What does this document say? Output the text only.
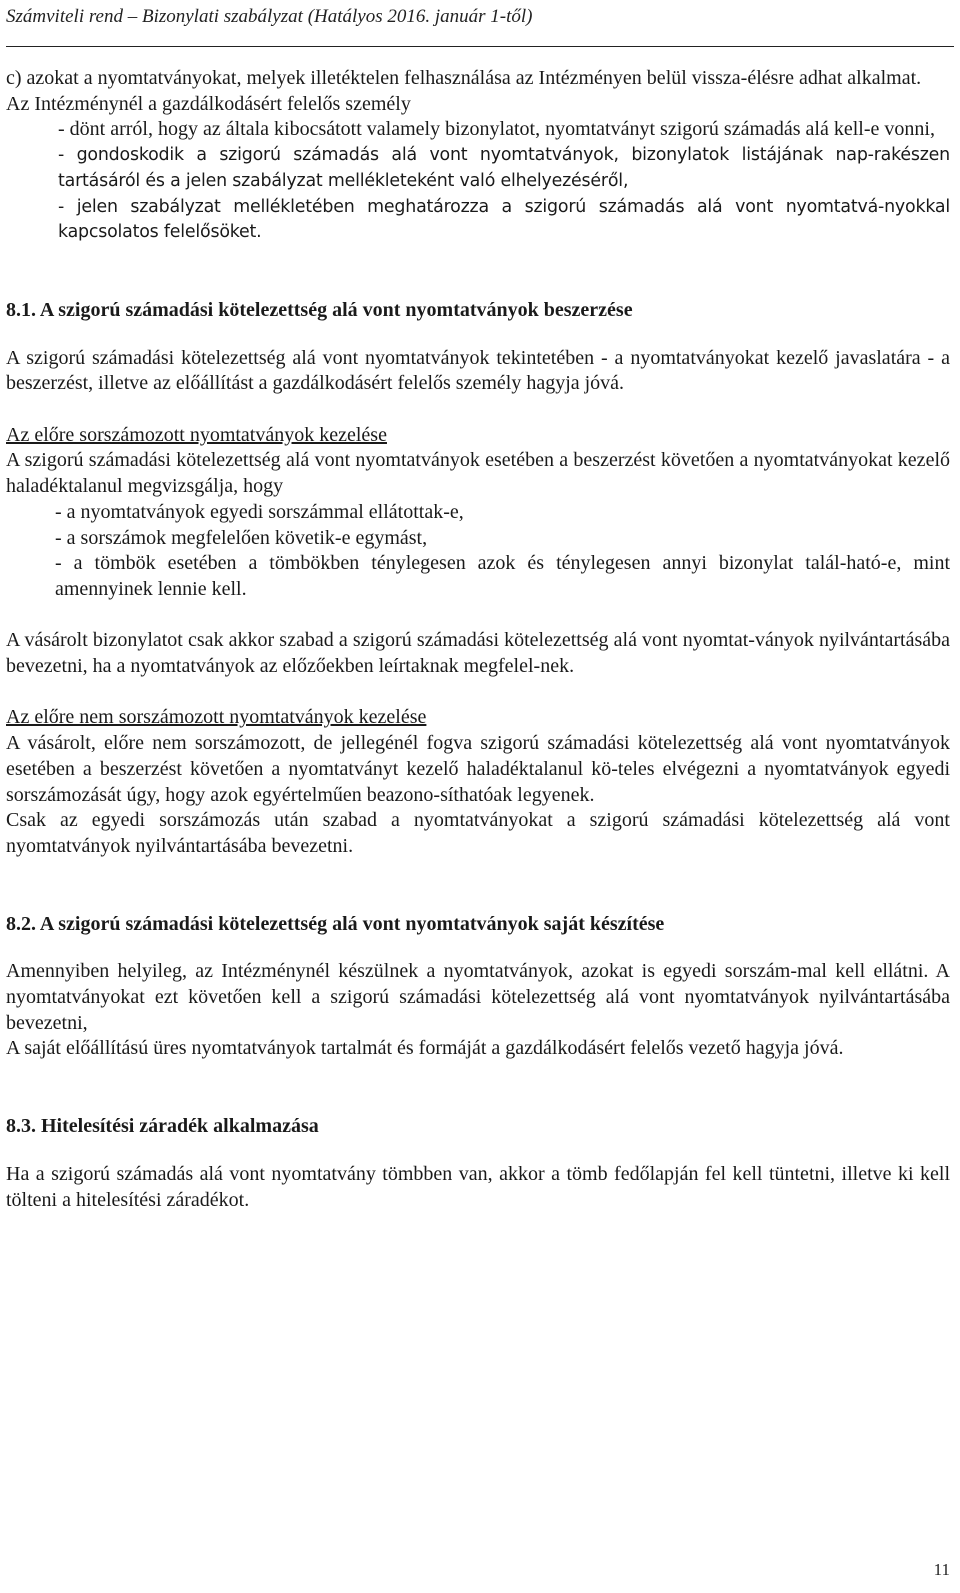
Számviteli rend – Bizonylati szabályzat (Hatályos 2016. január 1-től)

c) azokat a nyomtatványokat, melyek illetéktelen felhasználása az Intézményen belül vissza-élésre adhat alkalmat.

Az Intézménynél a gazdálkodásért felelős személy

- dönt arról, hogy az általa kibocsátott valamely bizonylatot, nyomtatványt szigorú számadás alá kell-e vonni,

- gondoskodik a szigorú számadás alá vont nyomtatványok, bizonylatok listájának nap-rakészen tartásáról és a jelen szabályzat mellékleteként való elhelyezéséről,

- jelen szabályzat mellékletében meghatározza a szigorú számadás alá vont nyomtatvá-nyokkal kapcsolatos felelősöket.

8.1. A szigorú számadási kötelezettség alá vont nyomtatványok beszerzése

A szigorú számadási kötelezettség alá vont nyomtatványok tekintetében - a nyomtatványokat kezelő javaslatára - a beszerzést, illetve az előállítást a gazdálkodásért felelős személy hagyja jóvá.

Az előre sorszámozott nyomtatványok kezelése

A szigorú számadási kötelezettség alá vont nyomtatványok esetében a beszerzést követően a nyomtatványokat kezelő haladéktalanul megvizsgálja, hogy

- a nyomtatványok egyedi sorszámmal ellátottak-e,

- a sorszámok megfelelően követik-e egymást,

- a tömbök esetében a tömbökben ténylegesen azok és ténylegesen annyi bizonylat talál-ható-e, mint amennyinek lennie kell.

A vásárolt bizonylatot csak akkor szabad a szigorú számadási kötelezettség alá vont nyomtat-ványok nyilvántartásába bevezetni, ha a nyomtatványok az előzőekben leírtaknak megfelel-nek.

Az előre nem sorszámozott nyomtatványok kezelése

A vásárolt, előre nem sorszámozott, de jellegénél fogva szigorú számadási kötelezettség alá vont nyomtatványok esetében a beszerzést követően a nyomtatványt kezelő haladéktalanul kö-teles elvégezni a nyomtatványok egyedi sorszámozását úgy, hogy azok egyértelműen beazono-síthatóak legyenek.

Csak az egyedi sorszámozás után szabad a nyomtatványokat a szigorú számadási kötelezettség alá vont nyomtatványok nyilvántartásába bevezetni.

8.2. A szigorú számadási kötelezettség alá vont nyomtatványok saját készítése

Amennyiben helyileg, az Intézménynél készülnek a nyomtatványok, azokat is egyedi sorszám-mal kell ellátni. A nyomtatványokat ezt követően kell a szigorú számadási kötelezettség alá vont nyomtatványok nyilvántartásába bevezetni,

A saját előállítású üres nyomtatványok tartalmát és formáját a gazdálkodásért felelős vezető hagyja jóvá.

8.3. Hitelesítési záradék alkalmazása

Ha a szigorú számadás alá vont nyomtatvány tömbben van, akkor a tömb fedőlapján fel kell tüntetni, illetve ki kell tölteni a hitelesítési záradékot.

11
